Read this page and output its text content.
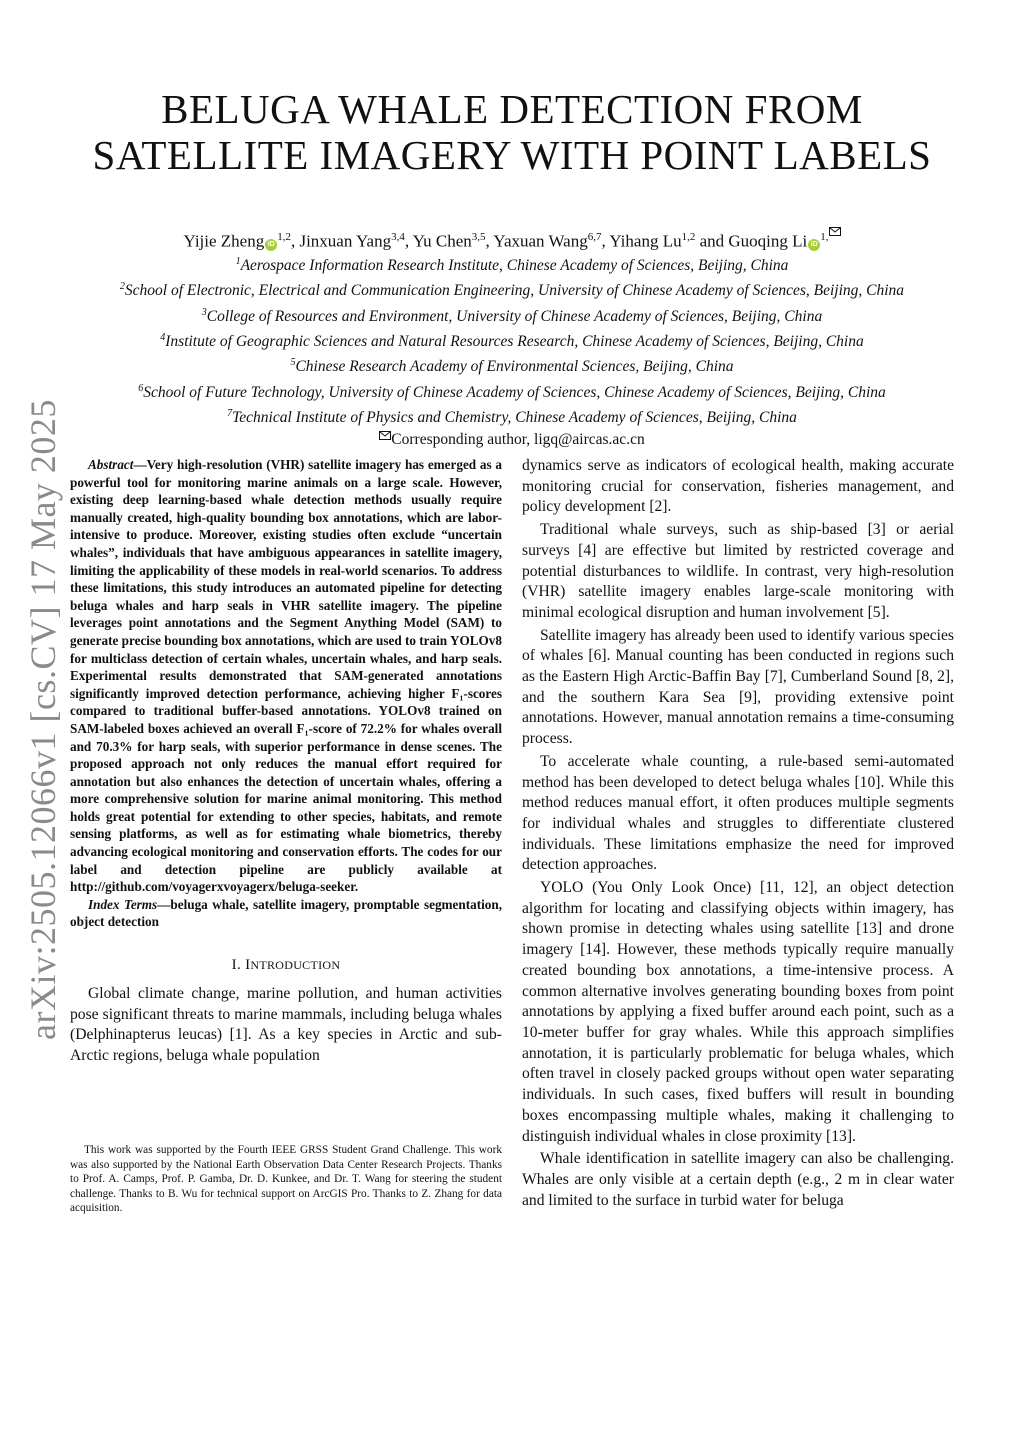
arXiv:2505.12066v1 [cs.CV] 17 May 2025
BELUGA WHALE DETECTION FROM
SATELLITE IMAGERY WITH POINT LABELS
Yijie Zheng iD$^{1,2}$, Jinxuan Yang$^{3,4}$, Yu Chen$^{3,5}$, Yaxuan Wang$^{6,7}$, Yihang Lu$^{1,2}$ and Guoqing Li $iD^{1,}$
$^1$Aerospace Information Research Institute, Chinese Academy of Sciences, Beijing, China
$^2$School of Electronic, Electrical and Communication Engineering, University of Chinese Academy of Sciences, Beijing, China
$^3$College of Resources and Environment, University of Chinese Academy of Sciences, Beijing, China
$^4$Institute of Geographic Sciences and Natural Resources Research, Chinese Academy of Sciences, Beijing, China
$^5$Chinese Research Academy of Environmental Sciences, Beijing, China
$^6$School of Future Technology, University of Chinese Academy of Sciences, Chinese Academy of Sciences, Beijing, China
$^7$Technical Institute of Physics and Chemistry, Chinese Academy of Sciences, Beijing, China
Corresponding author, ligq@aircas.ac.cn

Abstract—Very high-resolution (VHR) satellite imagery has emerged as a powerful tool for monitoring marine animals on a large scale. However, existing deep learning-based whale detection methods usually require manually created, high-quality bounding box annotations, which are labor-intensive to produce. Moreover, existing studies often exclude “uncertain whales”, individuals that have ambiguous appearances in satellite imagery, limiting the applicability of these models in real-world scenarios. To address these limitations, this study introduces an automated pipeline for detecting beluga whales and harp seals in VHR satellite imagery. The pipeline leverages point annotations and the Segment Anything Model (SAM) to generate precise bounding box annotations, which are used to train YOLOv8 for multiclass detection of certain whales, uncertain whales, and harp seals. Experimental results demonstrated that SAM-generated annotations significantly improved detection performance, achieving higher F₁-scores compared to traditional buffer-based annotations. YOLOv8 trained on SAM-labeled boxes achieved an overall F₁-score of 72.2% for whales overall and 70.3% for harp seals, with superior performance in dense scenes. The proposed approach not only reduces the manual effort required for annotation but also enhances the detection of uncertain whales, offering a more comprehensive solution for marine animal monitoring. This method holds great potential for extending to other species, habitats, and remote sensing platforms, as well as for estimating whale biometrics, thereby advancing ecological monitoring and conservation efforts. The codes for our label and detection pipeline are publicly available at http://github.com/voyagerxvoyagerx/beluga-seeker.

Index Terms—beluga whale, satellite imagery, promptable segmentation, object detection

I. INTRODUCTION

Global climate change, marine pollution, and human activities pose significant threats to marine mammals, including beluga whales (Delphinapterus leucas) [1]. As a key species in Arctic and sub-Arctic regions, beluga whale population

This work was supported by the Fourth IEEE GRSS Student Grand Challenge. This work was also supported by the National Earth Observation Data Center Research Projects. Thanks to Prof. A. Camps, Prof. P. Gamba, Dr. D. Kunkee, and Dr. T. Wang for steering the student challenge. Thanks to B. Wu for technical support on ArcGIS Pro. Thanks to Z. Zhang for data acquisition.

dynamics serve as indicators of ecological health, making accurate monitoring crucial for conservation, fisheries management, and policy development [2].

Traditional whale surveys, such as ship-based [3] or aerial surveys [4] are effective but limited by restricted coverage and potential disturbances to wildlife. In contrast, very high-resolution (VHR) satellite imagery enables large-scale monitoring with minimal ecological disruption and human involvement [5].

Satellite imagery has already been used to identify various species of whales [6]. Manual counting has been conducted in regions such as the Eastern High Arctic-Baffin Bay [7], Cumberland Sound [8, 2], and the southern Kara Sea [9], providing extensive point annotations. However, manual annotation remains a time-consuming process.

To accelerate whale counting, a rule-based semi-automated method has been developed to detect beluga whales [10]. While this method reduces manual effort, it often produces multiple segments for individual whales and struggles to differentiate clustered individuals. These limitations emphasize the need for improved detection approaches.

YOLO (You Only Look Once) [11, 12], an object detection algorithm for locating and classifying objects within imagery, has shown promise in detecting whales using satellite [13] and drone imagery [14]. However, these methods typically require manually created bounding box annotations, a time-intensive process. A common alternative involves generating bounding boxes from point annotations by applying a fixed buffer around each point, such as a 10-meter buffer for gray whales. While this approach simplifies annotation, it is particularly problematic for beluga whales, which often travel in closely packed groups without open water separating individuals. In such cases, fixed buffers will result in bounding boxes encompassing multiple whales, making it challenging to distinguish individual whales in close proximity [13].

Whale identification in satellite imagery can also be challenging. Whales are only visible at a certain depth (e.g., 2 m in clear water and limited to the surface in turbid water for beluga
